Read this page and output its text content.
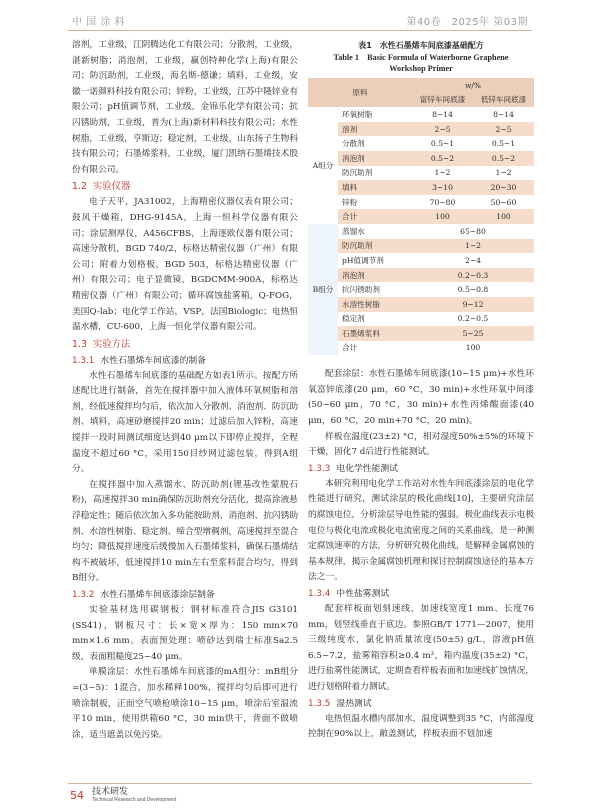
中 国 涂 料	第40卷　2025年 第03期

溶剂，工业级，江阴腾达化工有限公司；分散剂，工业级，湛新树脂；消泡剂，工业级，赢创特种化学(上海)有限公司；防沉助剂，工业级，海名斯-德谦；填料，工业级，安徽一诺颜料科技有限公司；锌粉，工业级，江苏中隆锌业有限公司；pH值调节剂，工业级，金锦乐化学有限公司；抗闪锈助剂，工业级，普为(上海)新材料科技有限公司；水性树脂，工业级，亨斯迈；稳定剂，工业级，山东扬子生物科技有限公司；石墨烯浆料，工业级，厦门凯纳石墨烯技术股份有限公司。

1.2 实验仪器

电子天平，JA31002，上海精密仪器仪表有限公司；鼓风干燥箱，DHG-9145A，上海一恒科学仪器有限公司；涂层测厚仪，A456CFBS，上海逐欧仪器有限公司；高速分散机，BGD 740/2，标格达精密仪器（广州）有限公司；附着力划格板，BGD 503，标格达精密仪器（广州）有限公司；电子显微镜，BGDCMM-900A，标格达精密仪器（广州）有限公司；循环腐蚀盐雾箱，Q-FOG，美国Q-lab；电化学工作站，VSP，法国Biologic；电热恒温水槽，CU-600，上海一恒化学仪器有限公司。

1.3 实验方法
1.3.1 水性石墨烯车间底漆的制备

水性石墨烯车间底漆的基础配方如表1所示。按配方所述配比进行制备，首先在搅拌器中加入液体环氧树脂和溶剂，经低速搅拌均匀后，依次加入分散剂、消泡剂、防沉助剂、填料，高速砂磨搅拌20 min；过滤后加入锌粉，高速搅拌一段时间测试细度达到40 μm以下即停止搅拌，全程温度不超过60 °C，采用150目纱网过滤包装，得到A组分。

在搅拌器中加入蒸馏水、防沉助剂(锂基改性蒙脱石粉)，高速搅拌30 min确保防沉助剂充分活化，提高涂液悬浮稳定性；随后依次加入多功能胺助剂、消泡剂、抗闪锈助剂、水溶性树脂、稳定剂、缔合型增稠剂，高速搅拌至混合均匀；降低搅拌速度后缓慢加入石墨烯浆料，确保石墨烯结构不被破坏，低速搅拌10 min左右至浆料混合均匀，得到B组分。

1.3.2 水性石墨烯车间底漆涂层制备

实验基材选用碳钢板：钢材标准符合JIS G3101 (SS41)，钢板尺寸：长×宽×厚为：150 mm×70 mm×1.6 mm。表面预处理：喷砂达到瑞士标准Sa2.5级，表面粗糙度25~40 μm。

单膜涂层：水性石墨烯车间底漆的mA组分：mB组分=(3~5)：1混合，加水稀释100%，搅拌均匀后即可进行喷涂制板，正面空气喷枪喷涂10~15 μm，喷涂后室温流平10 min，使用烘箱60 °C，30 min烘干，背面不做喷涂，适当遮盖以免污染。

表1　水性石墨烯车间底漆基础配方
Table 1　Basic Formula of Waterborne Graphene Workshop Primer
原料		w/%	
		富锌车间底漆	低锌车间底漆
A组分	环氧树脂	8~14	8~14
	溶剂	2~5	2~5
	分散剂	0.5~1	0.5~1
	消泡剂	0.5~2	0.5~2
	防沉助剂	1~2	1~2
	填料	3~10	20~30
	锌粉	70~80	50~60
	合计	100	100
B组分	蒸馏水	65~80	
	防沉助剂	1~2	
	pH值调节剂	2~4	
	消泡剂	0.2~0.3	
	抗闪锈助剂	0.5~0.8	
	水溶性树脂	9~12	
	稳定剂	0.2~0.5	
	石墨烯浆料	5~25	
	合计	100	

配套涂层：水性石墨烯车间底漆(10~15 μm)+水性环氧富锌底漆(20 μm，60 °C，30 min)+水性环氧中间漆(50~60 μm，70 °C，30 min)+水性丙烯酸面漆(40 μm，60 °C，20 min+70 °C，20 min)。

样板在温度(23±2) °C，相对湿度50%±5%的环境下干燥，固化7 d后进行性能测试。

1.3.3 电化学性能测试

本研究利用电化学工作站对水性车间底漆涂层的电化学性能进行研究，测试涂层的极化曲线[10]，主要研究涂层的腐蚀电位，分析涂层导电性能的强弱。极化曲线表示电极电位与极化电流或极化电流密度之间的关系曲线，是一种测定腐蚀速率的方法，分析研究极化曲线，是解释金属腐蚀的基本规律，揭示金属腐蚀机理和探讨控制腐蚀途径的基本方法之一。

1.3.4 中性盐雾测试

配套样板面划刻速线，加速线宽度1 mm、长度76 mm，划竖线垂直于底边。参照GB/T 1771—2007，使用三级纯度水，氯化钠质量浓度(50±5) g/L，溶液pH值6.5~7.2，盐雾箱容积≥0.4 m³，箱内温度(35±2) °C，进行盐雾性能测试，定期查看样板表面和加速线扩蚀情况，进行划格附着力测试。

1.3.5 湿热测试

电热恒温水槽内部加水，温度调整到35 °C，内部湿度控制在90%以上，敞盖测试，样板表面不划加速

54 技术研发
Technical Research and Development
